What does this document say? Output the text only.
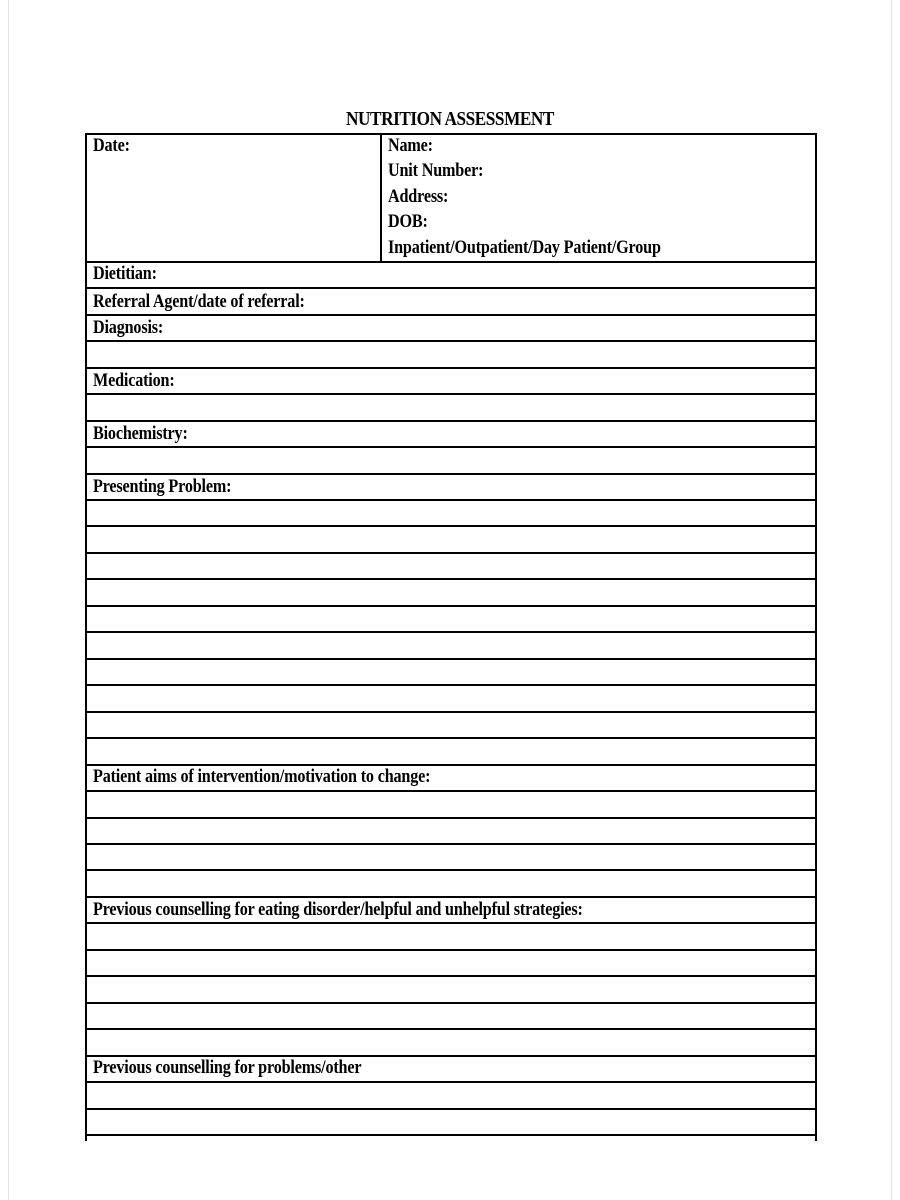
NUTRITION ASSESSMENT
Date:	Name:
Unit Number:
Address:
DOB:
Inpatient/Outpatient/Day Patient/Group
Dietitian:
Referral Agent/date of referral:
Diagnosis:
Medication:
Biochemistry:
Presenting Problem:
Patient aims of intervention/motivation to change:
Previous counselling for eating disorder/helpful and unhelpful strategies:
Previous counselling for problems/other
